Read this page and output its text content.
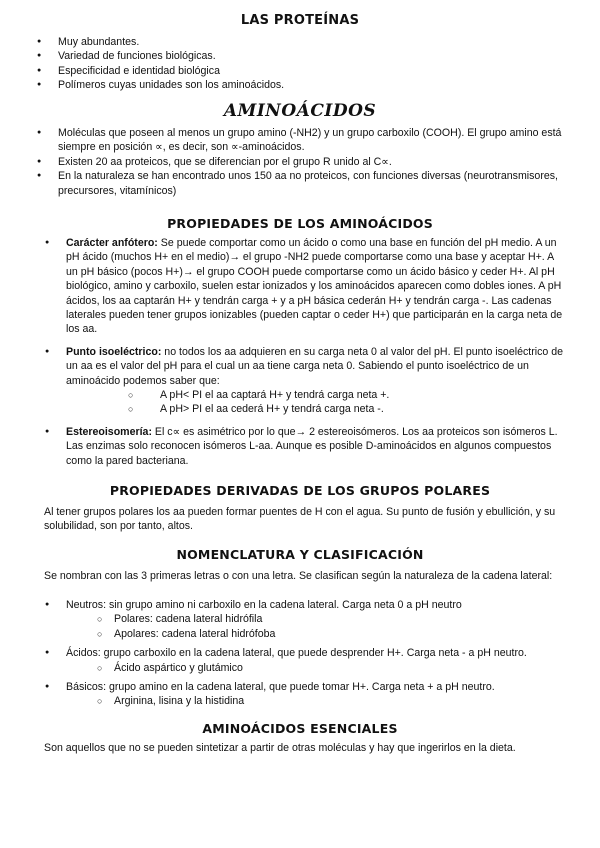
LAS PROTEÍNAS
● Muy abundantes.
● Variedad de funciones biológicas.
● Especificidad e identidad biológica
● Polímeros cuyas unidades son los aminoácidos.
AMINOÁCIDOS
● Moléculas que poseen al menos un grupo amino (-NH2) y un grupo carboxilo (COOH). El grupo amino está siempre en posición ∝, es decir, son ∝-aminoácidos.
● Existen 20 aa proteicos, que se diferencian por el grupo R unido al C∝.
● En la naturaleza se han encontrado unos 150 aa no proteicos, con funciones diversas (neurotransmisores, precursores, vitamínicos)
PROPIEDADES DE LOS AMINOÁCIDOS
● Carácter anfótero: Se puede comportar como un ácido o como una base en función del pH medio. A un pH ácido (muchos H+ en el medio)→ el grupo -NH2 puede comportarse como una base y aceptar H+. A un pH básico (pocos H+)→ el grupo COOH puede comportarse como un ácido básico y ceder H+. Al pH biológico, amino y carboxilo, suelen estar ionizados y los aminoácidos aparecen como dobles iones. A pH ácidos, los aa captarán H+ y tendrán carga + y a pH básica cederán H+ y tendrán carga -. Las cadenas laterales pueden tener grupos ionizables (pueden captar o ceder H+) que participarán en la carga neta de los aa.
● Punto isoeléctrico: no todos los aa adquieren en su carga neta 0 al valor del pH. El punto isoeléctrico de un aa es el valor del pH para el cual un aa tiene carga neta 0. Sabiendo el punto isoeléctrico de un aminoácido podemos saber que:
○ A pH< PI el aa captará H+ y tendrá carga neta +.
○ A pH> PI el aa cederá H+ y tendrá carga neta -.
● Estereoisomería: El c∝ es asimétrico por lo que→ 2 estereoisómeros. Los aa proteicos son isómeros L. Las enzimas solo reconocen isómeros L-aa. Aunque es posible D-aminoácidos en algunos compuestos como la pared bacteriana.
PROPIEDADES DERIVADAS DE LOS GRUPOS POLARES

Al tener grupos polares los aa pueden formar puentes de H con el agua. Su punto de fusión y ebullición, y su solubilidad, son por tanto, altos.

NOMENCLATURA Y CLASIFICACIÓN

Se nombran con las 3 primeras letras o con una letra. Se clasifican según la naturaleza de la cadena lateral:

● Neutros: sin grupo amino ni carboxilo en la cadena lateral. Carga neta 0 a pH neutro
○ Polares: cadena lateral hidrófila
○ Apolares: cadena lateral hidrófoba
● Ácidos: grupo carboxilo en la cadena lateral, que puede desprender H+. Carga neta - a pH neutro.
○ Ácido aspártico y glutámico
● Básicos: grupo amino en la cadena lateral, que puede tomar H+. Carga neta + a pH neutro.
○ Arginina, lisina y la histidina
AMINOÁCIDOS ESENCIALES

Son aquellos que no se pueden sintetizar a partir de otras moléculas y hay que ingerirlos en la dieta.
